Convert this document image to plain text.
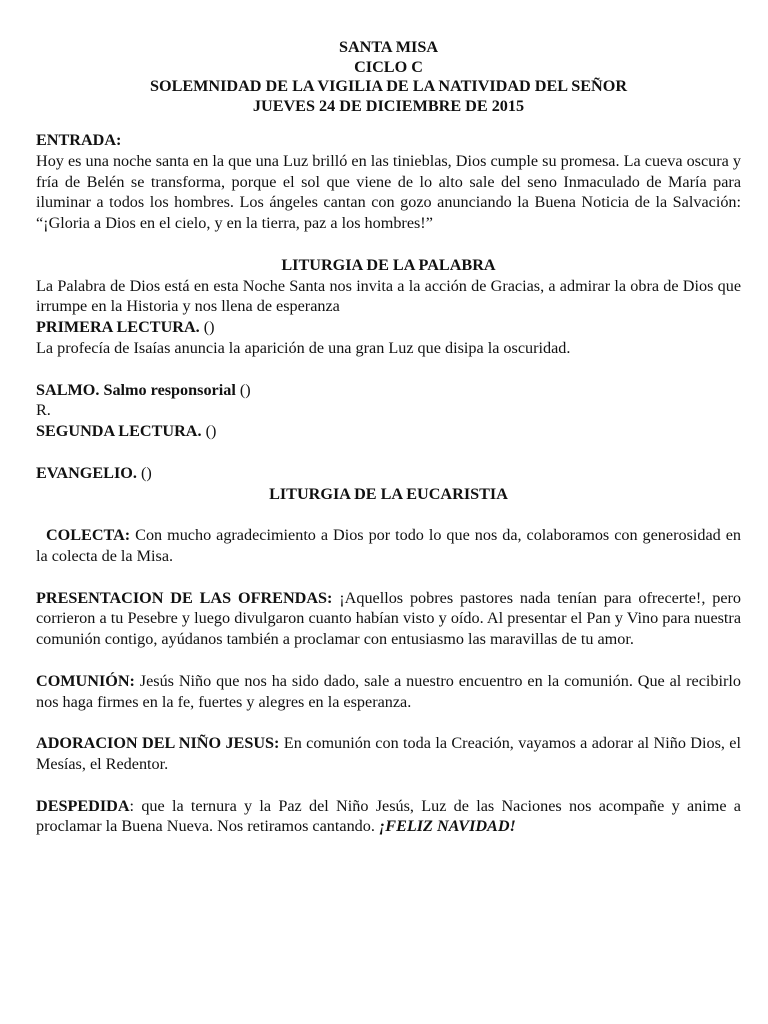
SANTA MISA
CICLO C
SOLEMNIDAD DE LA VIGILIA DE LA NATIVIDAD DEL SEÑOR
JUEVES 24 DE DICIEMBRE DE 2015
ENTRADA:

Hoy es una noche santa en la que una Luz brilló en las tinieblas, Dios cumple su promesa. La cueva oscura y fría de Belén se transforma, porque el sol que viene de lo alto sale del seno Inmaculado de María para iluminar a todos los hombres. Los ángeles cantan con gozo anunciando la Buena Noticia de la Salvación: “¡Gloria a Dios en el cielo, y en la tierra, paz a los hombres!”

LITURGIA DE LA PALABRA

La Palabra de Dios está en esta Noche Santa nos invita a la acción de Gracias, a admirar la obra de Dios que irrumpe en la Historia y nos llena de esperanza

PRIMERA LECTURA. ()

La profecía de Isaías anuncia la aparición de una gran Luz que disipa la oscuridad.

SALMO. Salmo responsorial ()
R.
SEGUNDA LECTURA. ()
EVANGELIO. ()
LITURGIA DE LA EUCARISTIA

COLECTA: Con mucho agradecimiento a Dios por todo lo que nos da, colaboramos con generosidad en la colecta de la Misa.

PRESENTACION DE LAS OFRENDAS: ¡Aquellos pobres pastores nada tenían para ofrecerte!, pero corrieron a tu Pesebre y luego divulgaron cuanto habían visto y oído. Al presentar el Pan y Vino para nuestra comunión contigo, ayúdanos también a proclamar con entusiasmo las maravillas de tu amor.

COMUNIÓN: Jesús Niño que nos ha sido dado, sale a nuestro encuentro en la comunión. Que al recibirlo nos haga firmes en la fe, fuertes y alegres en la esperanza.

ADORACION DEL NIÑO JESUS: En comunión con toda la Creación, vayamos a adorar al Niño Dios, el Mesías, el Redentor.

DESPEDIDA: que la ternura y la Paz del Niño Jesús, Luz de las Naciones nos acompañe y anime a proclamar la Buena Nueva. Nos retiramos cantando. ¡FELIZ NAVIDAD!
